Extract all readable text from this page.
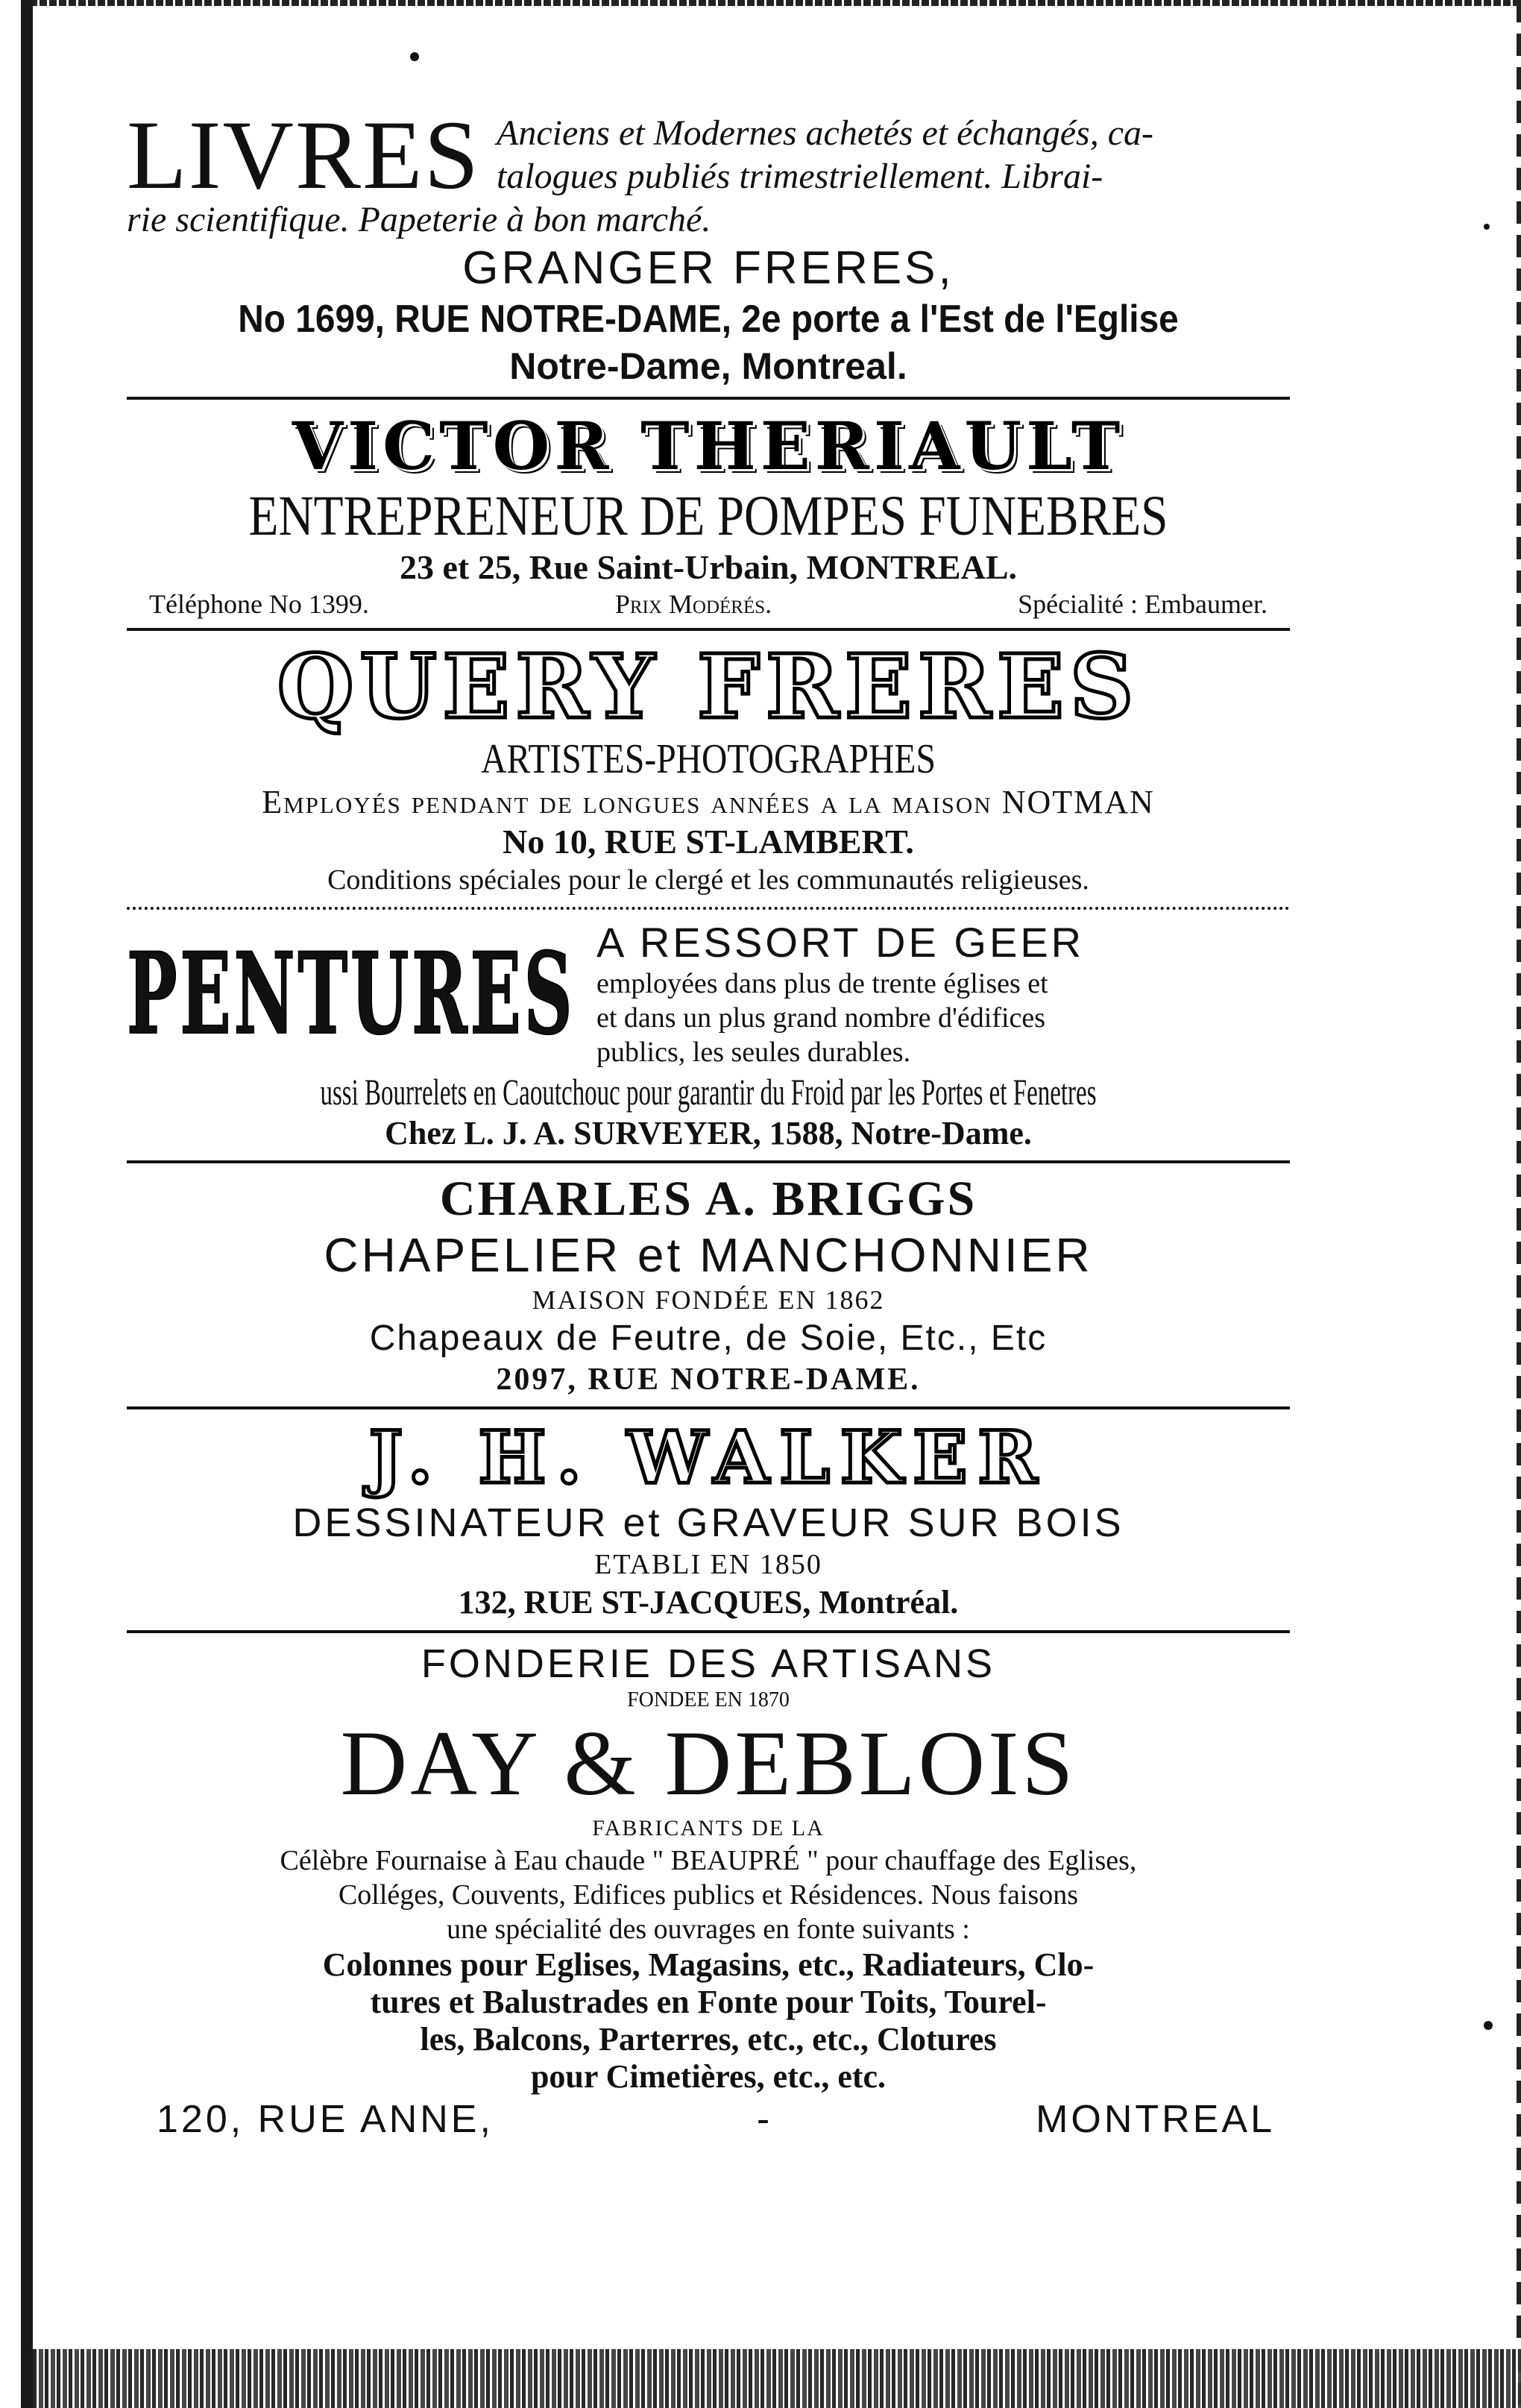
LIVRES Anciens et Modernes achetés et échangés, ca-
talogues publiés trimestriellement. Librai-
rie scientifique. Papeterie à bon marché.
GRANGER FRERES,
No 1699, RUE NOTRE-DAME, 2e porte a l'Est de l'Eglise
Notre-Dame, Montreal.
VICTOR THERIAULT
ENTREPRENEUR DE POMPES FUNEBRES
23 et 25, Rue Saint-Urbain, MONTREAL.
Téléphone No 1399.	Prix Modérés.	Spécialité : Embaumer.
QUERY FRERES
ARTISTES-PHOTOGRAPHES
Employés pendant de longues années a la maison NOTMAN
No 10, RUE ST-LAMBERT.
Conditions spéciales pour le clergé et les communautés religieuses.
PENTURES A RESSORT DE GEER
employées dans plus de trente églises et
et dans un plus grand nombre d'édifices
publics, les seules durables.
ussi Bourrelets en Caoutchouc pour garantir du Froid par les Portes et Fenetres
Chez L. J. A. SURVEYER, 1588, Notre-Dame.
CHARLES A. BRIGGS
CHAPELIER et MANCHONNIER
MAISON FONDÉE EN 1862
Chapeaux de Feutre, de Soie, Etc., Etc
2097, RUE NOTRE-DAME.
J. H. WALKER
DESSINATEUR et GRAVEUR SUR BOIS
ETABLI EN 1850
132, RUE ST-JACQUES, Montréal.
FONDERIE DES ARTISANS
FONDEE EN 1870
DAY & DEBLOIS
FABRICANTS DE LA
Célèbre Fournaise à Eau chaude " BEAUPRÉ " pour chauffage des Eglises,
Colléges, Couvents, Edifices publics et Résidences. Nous faisons
une spécialité des ouvrages en fonte suivants :
Colonnes pour Eglises, Magasins, etc., Radiateurs, Clo-
tures et Balustrades en Fonte pour Toits, Tourel-
les, Balcons, Parterres, etc., etc., Clotures
pour Cimetières, etc., etc.
120, RUE ANNE,	-	MONTREAL
